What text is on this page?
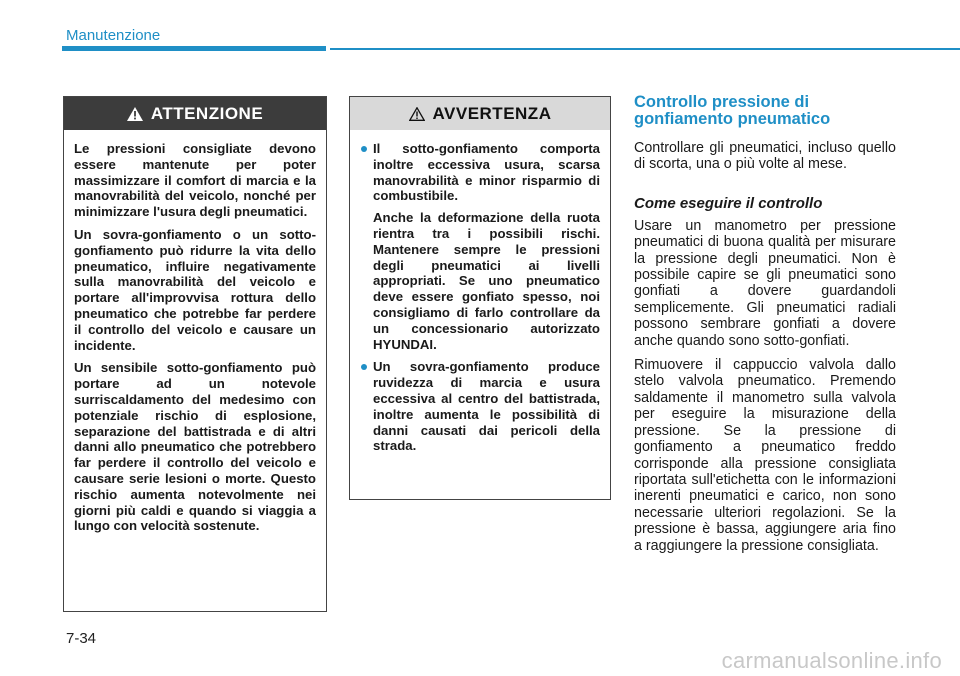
Manutenzione
ATTENZIONE

Le pressioni consigliate devono essere mantenute per poter massimizzare il comfort di marcia e la manovrabilità del veicolo, nonché per minimizzare l'usura degli pneumatici.

Un sovra-gonfiamento o un sotto-gonfiamento può ridurre la vita dello pneumatico, influire negativamente sulla manovrabilità del veicolo e portare all'improvvisa rottura dello pneumatico che potrebbe far perdere il controllo del veicolo e causare un incidente.

Un sensibile sotto-gonfiamento può portare ad un notevole surriscaldamento del medesimo con potenziale rischio di esplosione, separazione del battistrada e di altri danni allo pneumatico che potrebbero far perdere il controllo del veicolo e causare serie lesioni o morte. Questo rischio aumenta notevolmente nei giorni più caldi e quando si viaggia a lungo con velocità sostenute.

AVVERTENZA

Il sotto-gonfiamento comporta inoltre eccessiva usura, scarsa manovrabilità e minor risparmio di combustibile.

Anche la deformazione della ruota rientra tra i possibili rischi. Mantenere sempre le pressioni degli pneumatici ai livelli appropriati. Se uno pneumatico deve essere gonfiato spesso, noi consigliamo di farlo controllare da un concessionario autorizzato HYUNDAI.

Un sovra-gonfiamento produce ruvidezza di marcia e usura eccessiva al centro del battistrada, inoltre aumenta le possibilità di danni causati dai pericoli della strada.

Controllo pressione di gonfiamento pneumatico

Controllare gli pneumatici, incluso quello di scorta, una o più volte al mese.

Come eseguire il controllo

Usare un manometro per pressione pneumatici di buona qualità per misurare la pressione degli pneumatici. Non è possibile capire se gli pneumatici sono gonfiati a dovere guardandoli semplicemente. Gli pneumatici radiali possono sembrare gonfiati a dovere anche quando sono sotto-gonfiati.

Rimuovere il cappuccio valvola dallo stelo valvola pneumatico. Premendo saldamente il manometro sulla valvola per eseguire la misurazione della pressione. Se la pressione di gonfiamento a pneumatico freddo corrisponde alla pressione consigliata riportata sull'etichetta con le informazioni inerenti pneumatici e carico, non sono necessarie ulteriori regolazioni. Se la pressione è bassa, aggiungere aria fino a raggiungere la pressione consigliata.

7-34
carmanualsonline.info
